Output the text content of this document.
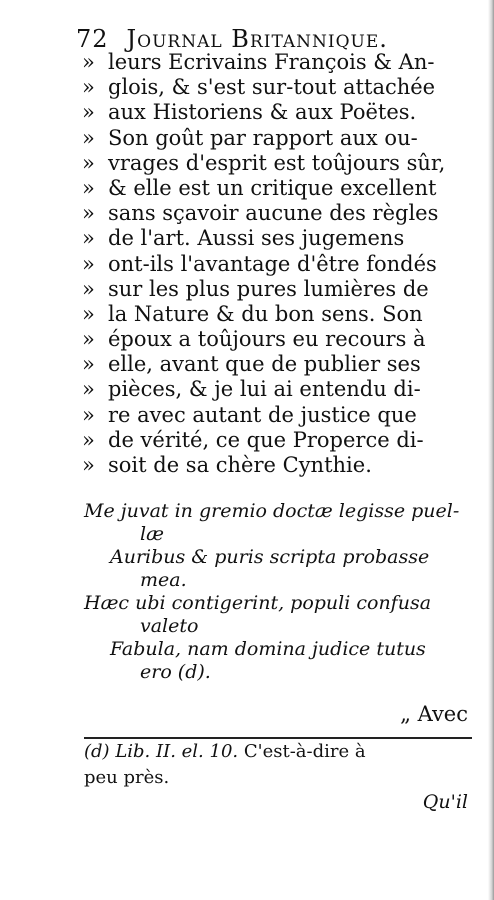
72 Journal Britannique.
» leurs Ecrivains François & An-
» glois, & s'est sur-tout attachée
» aux Historiens & aux Poëtes.
» Son goût par rapport aux ou-
» vrages d'esprit est toûjours sûr,
» & elle est un critique excellent
» sans sçavoir aucune des règles
» de l'art. Aussi ses jugemens
» ont-ils l'avantage d'être fondés
» sur les plus pures lumières de
» la Nature & du bon sens. Son
» époux a toûjours eu recours à
» elle, avant que de publier ses
» pièces, & je lui ai entendu di-
» re avec autant de justice que
» de vérité, ce que Properce di-
» soit de sa chère Cynthie.
Me juvat in gremio doctæ legisse puel-
læ
Auribus & puris scripta probasse
mea.
Hæc ubi contigerint, populi confusa
valeto
Fabula, nam domina judice tutus
ero (d).
„ Avec
(d) Lib. II. el. 10. C'est-à-dire à
peu près.
Qu'il
